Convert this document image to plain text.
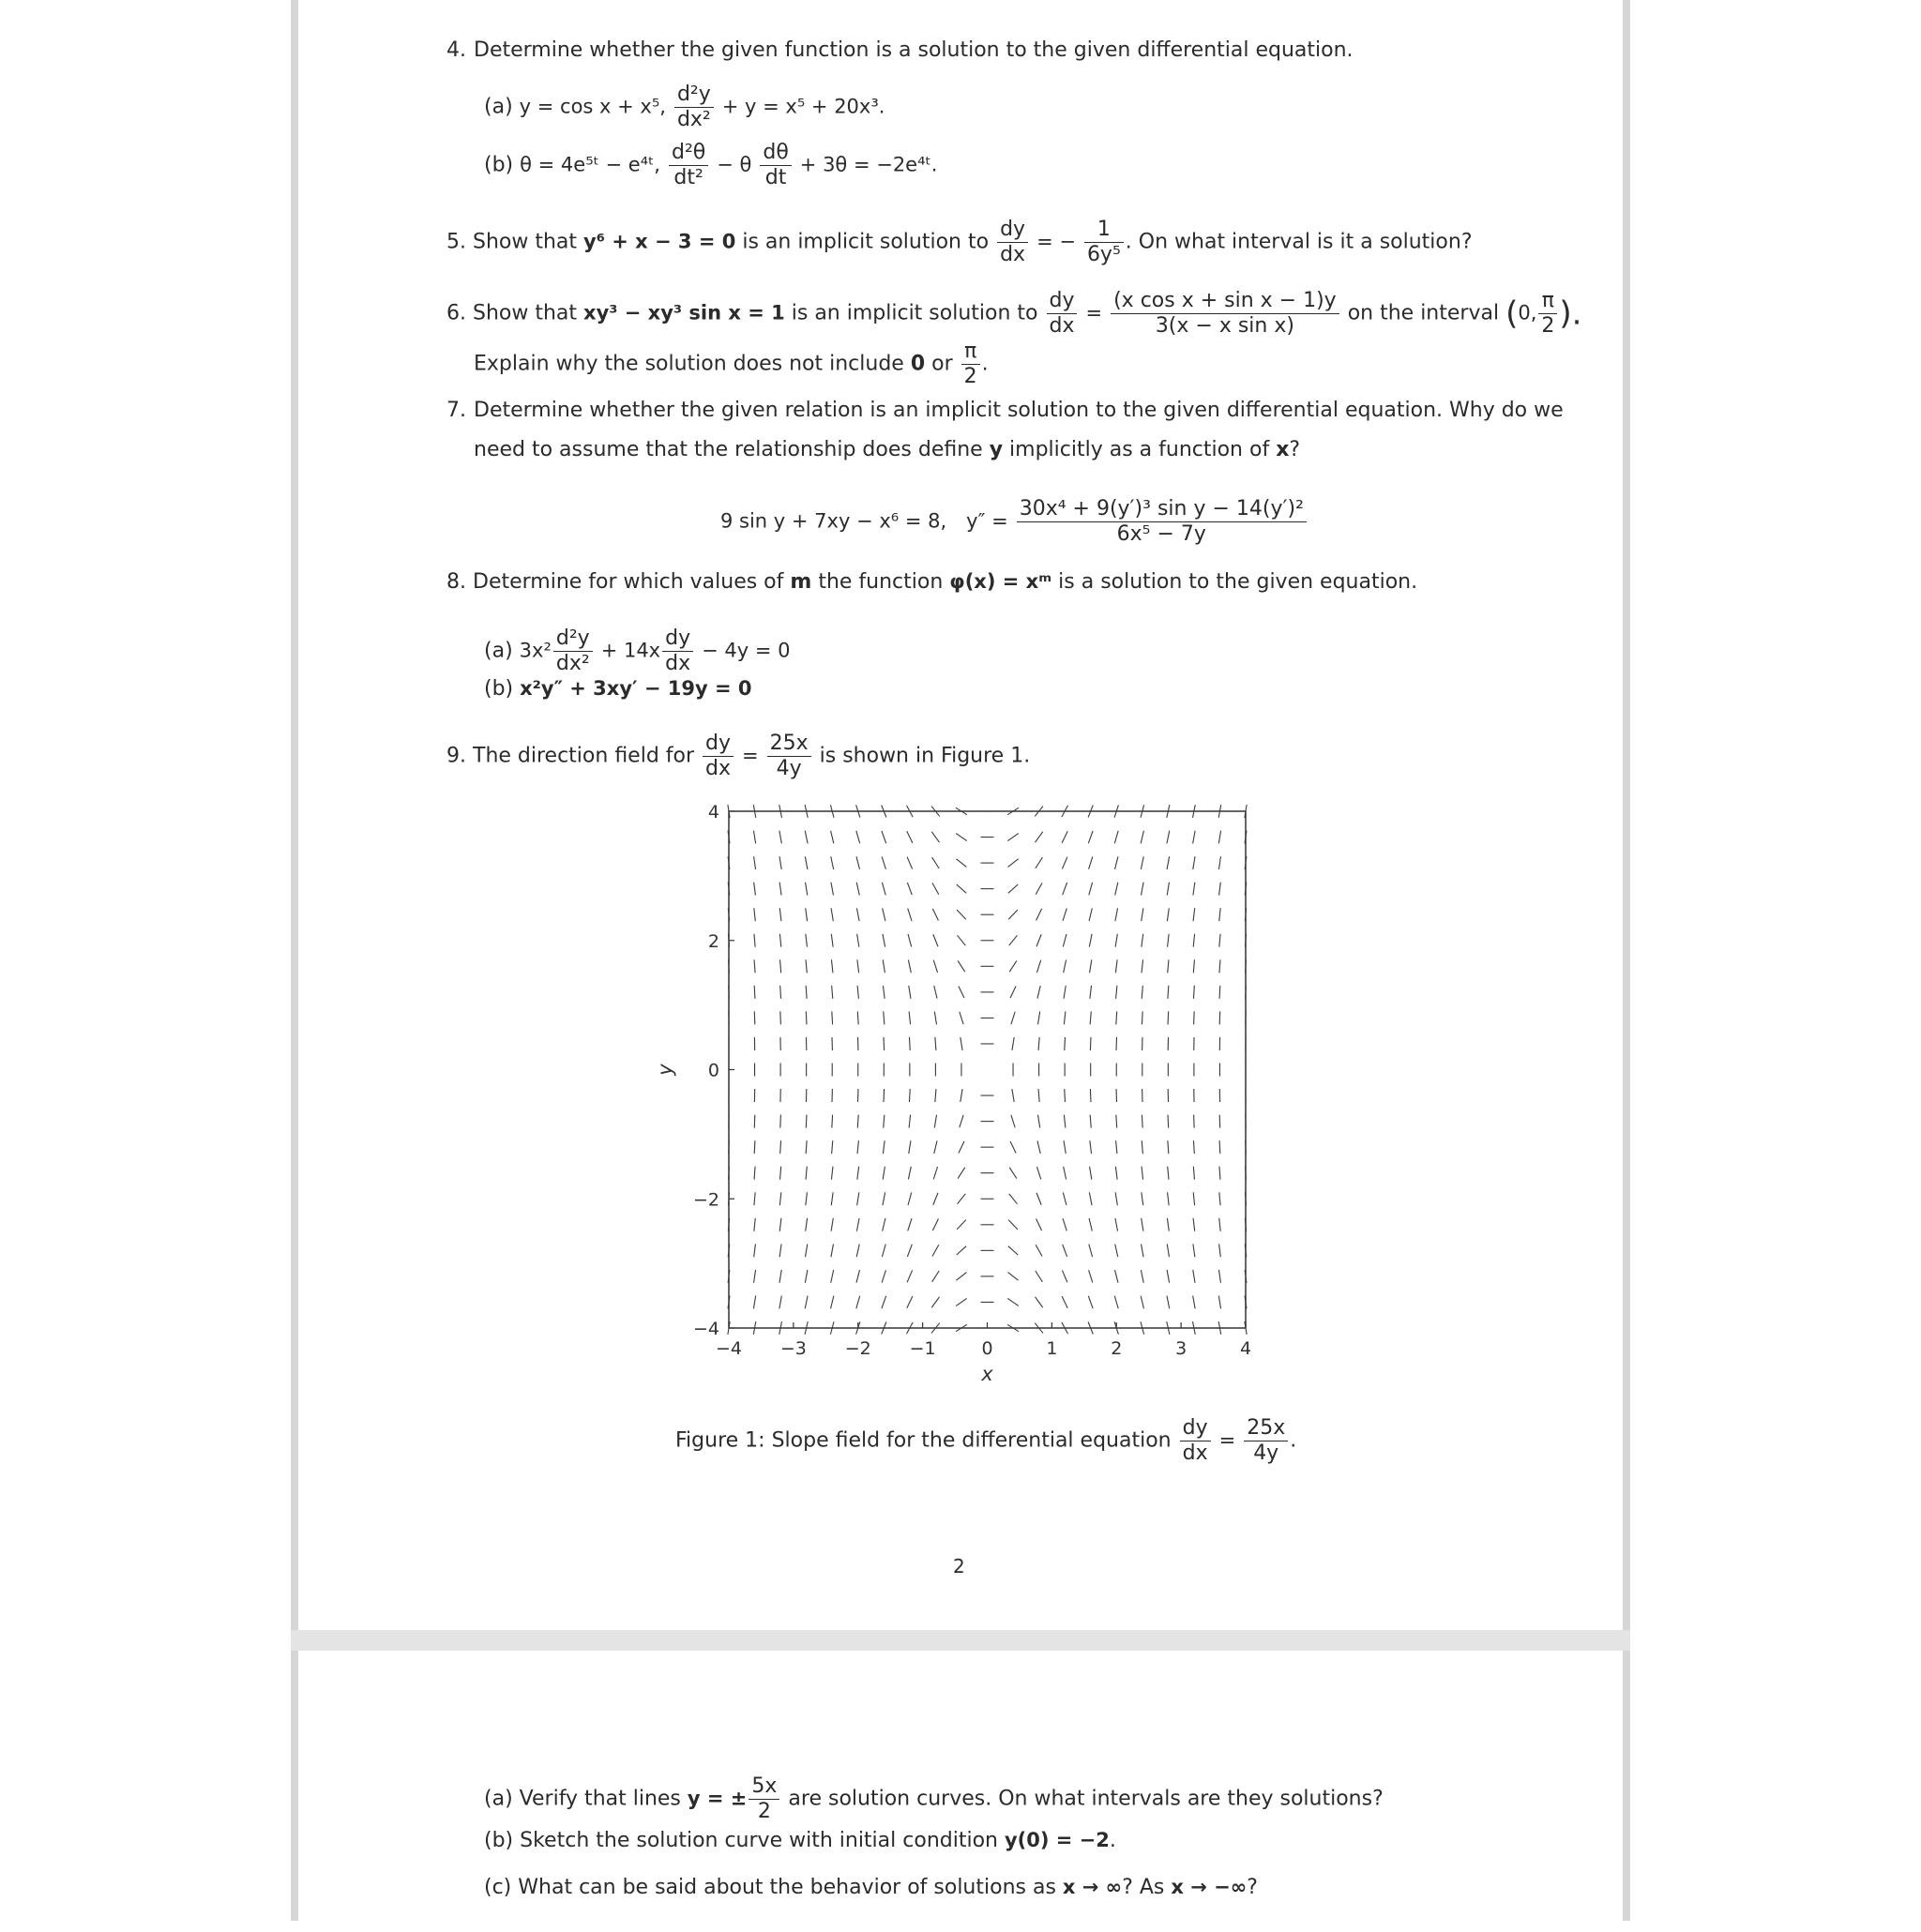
4. Determine whether the given function is a solution to the given differential equation.
(a) y = cos x + x⁵, $\frac{\text{d²y}}{\text{dx²}} + y = x^5 + 20x^3$.
(b) θ = 4e⁵ᵗ − e⁴ᵗ, $\frac{\text{d²θ}}{\text{dt²}} - \theta \frac{d\theta}{dt} + 3\theta$ = −2e⁴ᵗ.
5. Show that y⁶ + x − 3 = 0 is an implicit solution to $\frac{dy}{dx}$ = − $\frac{1}{\text{6y⁵}}$ . On what interval is it a solution?
6. Show that xy³ − xy³ sin x = 1 is an implicit solution to $\frac{dy}{dx} = \frac{\text{(x cos x + sin x − 1)y}}{\text{3(x − x sin x)}}$ on the interval (0, $\frac{\pi}{2}$ ).
Explain why the solution does not include 0 or $\frac{\pi}{2}$ .
7. Determine whether the given relation is an implicit solution to the given differential equation. Why do we
need to assume that the relationship does define y implicitly as a function of x?
9 sin y + 7xy − x⁶ = 8, $y'' = \frac{\text{30x⁴ + 9(y′)³ sin y − 14(y′)²}}{\text{6x⁵ − 7y}}$
8. Determine for which values of m the function φ(x) = xᵐ is a solution to the given equation.
(a) $3x^2 \frac{\text{d²y}}{\text{dx²}} + 14x \frac{dy}{dx} - 4y = 0$
(b) x²y″ + 3xy′ − 19y = 0
9. The direction field for $\frac{dy}{dx} = \frac{25x}{4y}$ is shown in Figure 1.
−4 −3 −2 −1	0	1	2	3	4
−4
−2
0
2
4
x
y
Figure 1: Slope field for the differential equation $\frac{dy}{dx} = \frac{25x}{4y}$ .
2
(a) Verify that lines y = ± $\frac{5x}{2}$ are solution curves. On what intervals are they solutions?
(b) Sketch the solution curve with initial condition y(0) = −2.
(c) What can be said about the behavior of solutions as x → ∞? As x → −∞?
